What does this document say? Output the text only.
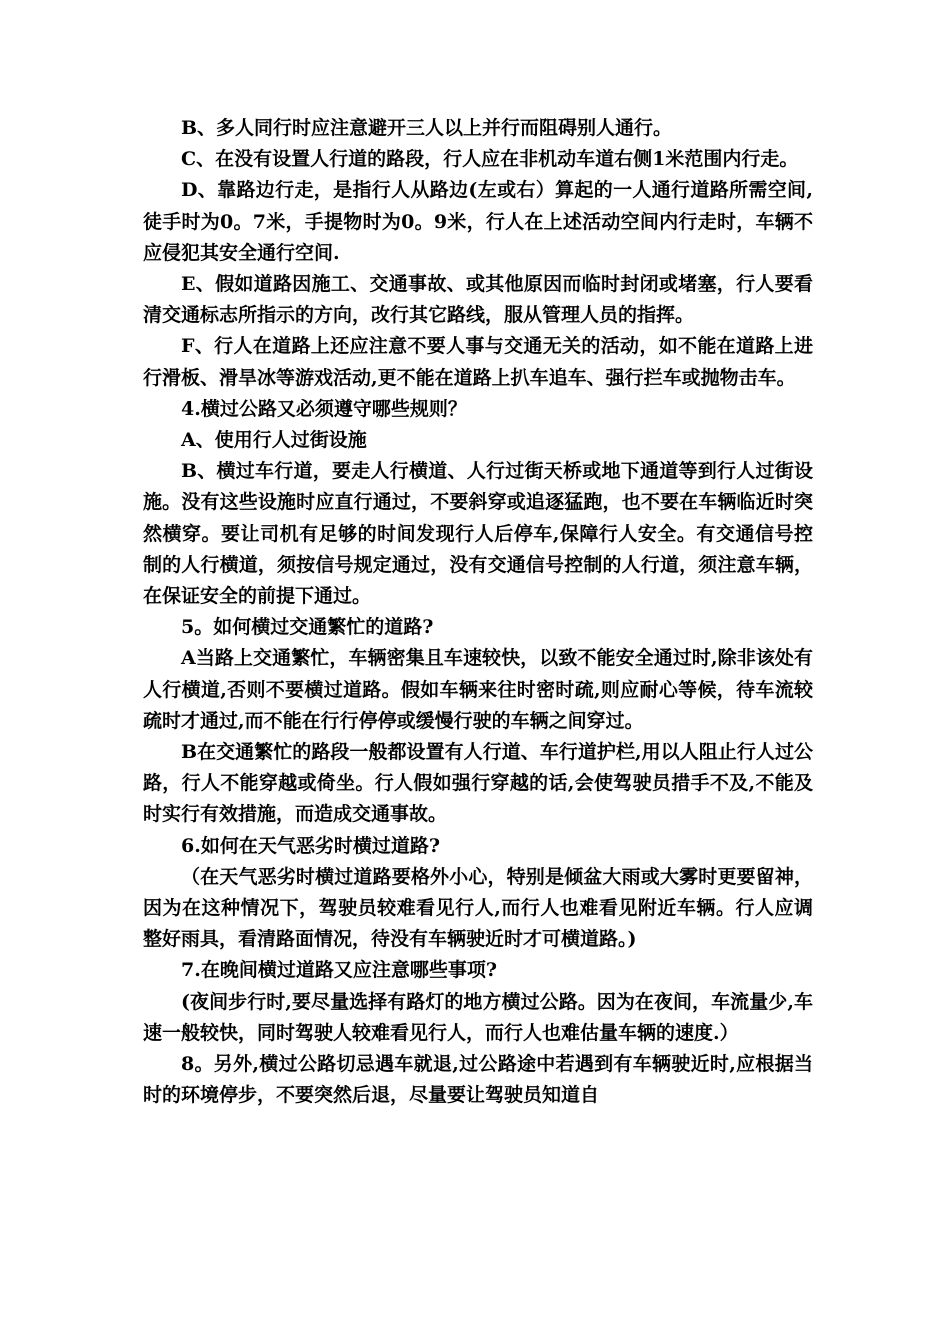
B、多人同行时应注意避开三人以上并行而阻碍别人通行。

C、在没有设置人行道的路段，行人应在非机动车道右侧1米范围内行走。

D、靠路边行走，是指行人从路边(左或右）算起的一人通行道路所需空间,徒手时为0。7米，手提物时为0。9米，行人在上述活动空间内行走时，车辆不应侵犯其安全通行空间.

E、假如道路因施工、交通事故、或其他原因而临时封闭或堵塞，行人要看清交通标志所指示的方向，改行其它路线，服从管理人员的指挥。

F、行人在道路上还应注意不要人事与交通无关的活动，如不能在道路上进行滑板、滑旱冰等游戏活动,更不能在道路上扒车追车、强行拦车或抛物击车。

4.横过公路又必须遵守哪些规则？

A、使用行人过街设施

B、横过车行道，要走人行横道、人行过街天桥或地下通道等到行人过街设施。没有这些设施时应直行通过，不要斜穿或追逐猛跑，也不要在车辆临近时突然横穿。要让司机有足够的时间发现行人后停车,保障行人安全。有交通信号控制的人行横道，须按信号规定通过，没有交通信号控制的人行道，须注意车辆，在保证安全的前提下通过。

5。如何横过交通繁忙的道路?

A当路上交通繁忙，车辆密集且车速较快，以致不能安全通过时,除非该处有人行横道,否则不要横过道路。假如车辆来往时密时疏,则应耐心等候，待车流较疏时才通过,而不能在行行停停或缓慢行驶的车辆之间穿过。

B在交通繁忙的路段一般都设置有人行道、车行道护栏,用以人阻止行人过公路，行人不能穿越或倚坐。行人假如强行穿越的话,会使驾驶员措手不及,不能及时实行有效措施，而造成交通事故。

6.如何在天气恶劣时横过道路?

（在天气恶劣时横过道路要格外小心，特别是倾盆大雨或大雾时更要留神，因为在这种情况下，驾驶员较难看见行人,而行人也难看见附近车辆。行人应调整好雨具，看清路面情况，待没有车辆驶近时才可横道路。)

7.在晚间横过道路又应注意哪些事项?

(夜间步行时,要尽量选择有路灯的地方横过公路。因为在夜间，车流量少,车速一般较快，同时驾驶人较难看见行人，而行人也难估量车辆的速度.）

8。另外,横过公路切忌遇车就退,过公路途中若遇到有车辆驶近时,应根据当时的环境停步，不要突然后退，尽量要让驾驶员知道自
